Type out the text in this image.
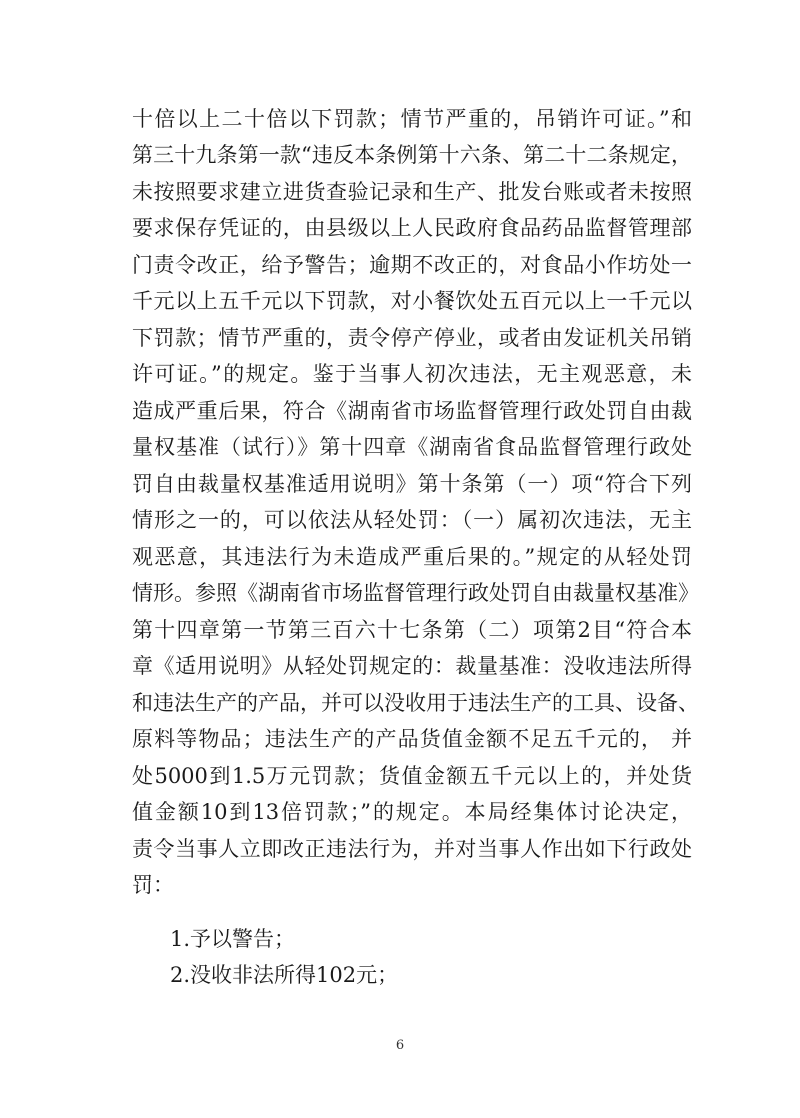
十倍以上二十倍以下罚款；情节严重的，吊销许可证。”和
第三十九条第一款“违反本条例第十六条、第二十二条规定，
未按照要求建立进货查验记录和生产、批发台账或者未按照
要求保存凭证的，由县级以上人民政府食品药品监督管理部
门责令改正，给予警告；逾期不改正的，对食品小作坊处一
千元以上五千元以下罚款，对小餐饮处五百元以上一千元以
下罚款；情节严重的，责令停产停业，或者由发证机关吊销
许可证。”的规定。鉴于当事人初次违法，无主观恶意，未
造成严重后果，符合《湖南省市场监督管理行政处罚自由裁
量权基准（试行）》第十四章《湖南省食品监督管理行政处
罚自由裁量权基准适用说明》第十条第（一）项“符合下列
情形之一的，可以依法从轻处罚：（一）属初次违法，无主
观恶意，其违法行为未造成严重后果的。”规定的从轻处罚
情形。参照《湖南省市场监督管理行政处罚自由裁量权基准》
第十四章第一节第三百六十七条第（二）项第2目“符合本
章《适用说明》从轻处罚规定的：裁量基准：没收违法所得
和违法生产的产品，并可以没收用于违法生产的工具、设备、
原料等物品；违法生产的产品货值金额不足五千元的， 并
处5000到1.5万元罚款；货值金额五千元以上的，并处货
值金额10到13倍罚款；”的规定。本局经集体讨论决定，
责令当事人立即改正违法行为，并对当事人作出如下行政处
罚：
1.予以警告；
2.没收非法所得102元；
6
